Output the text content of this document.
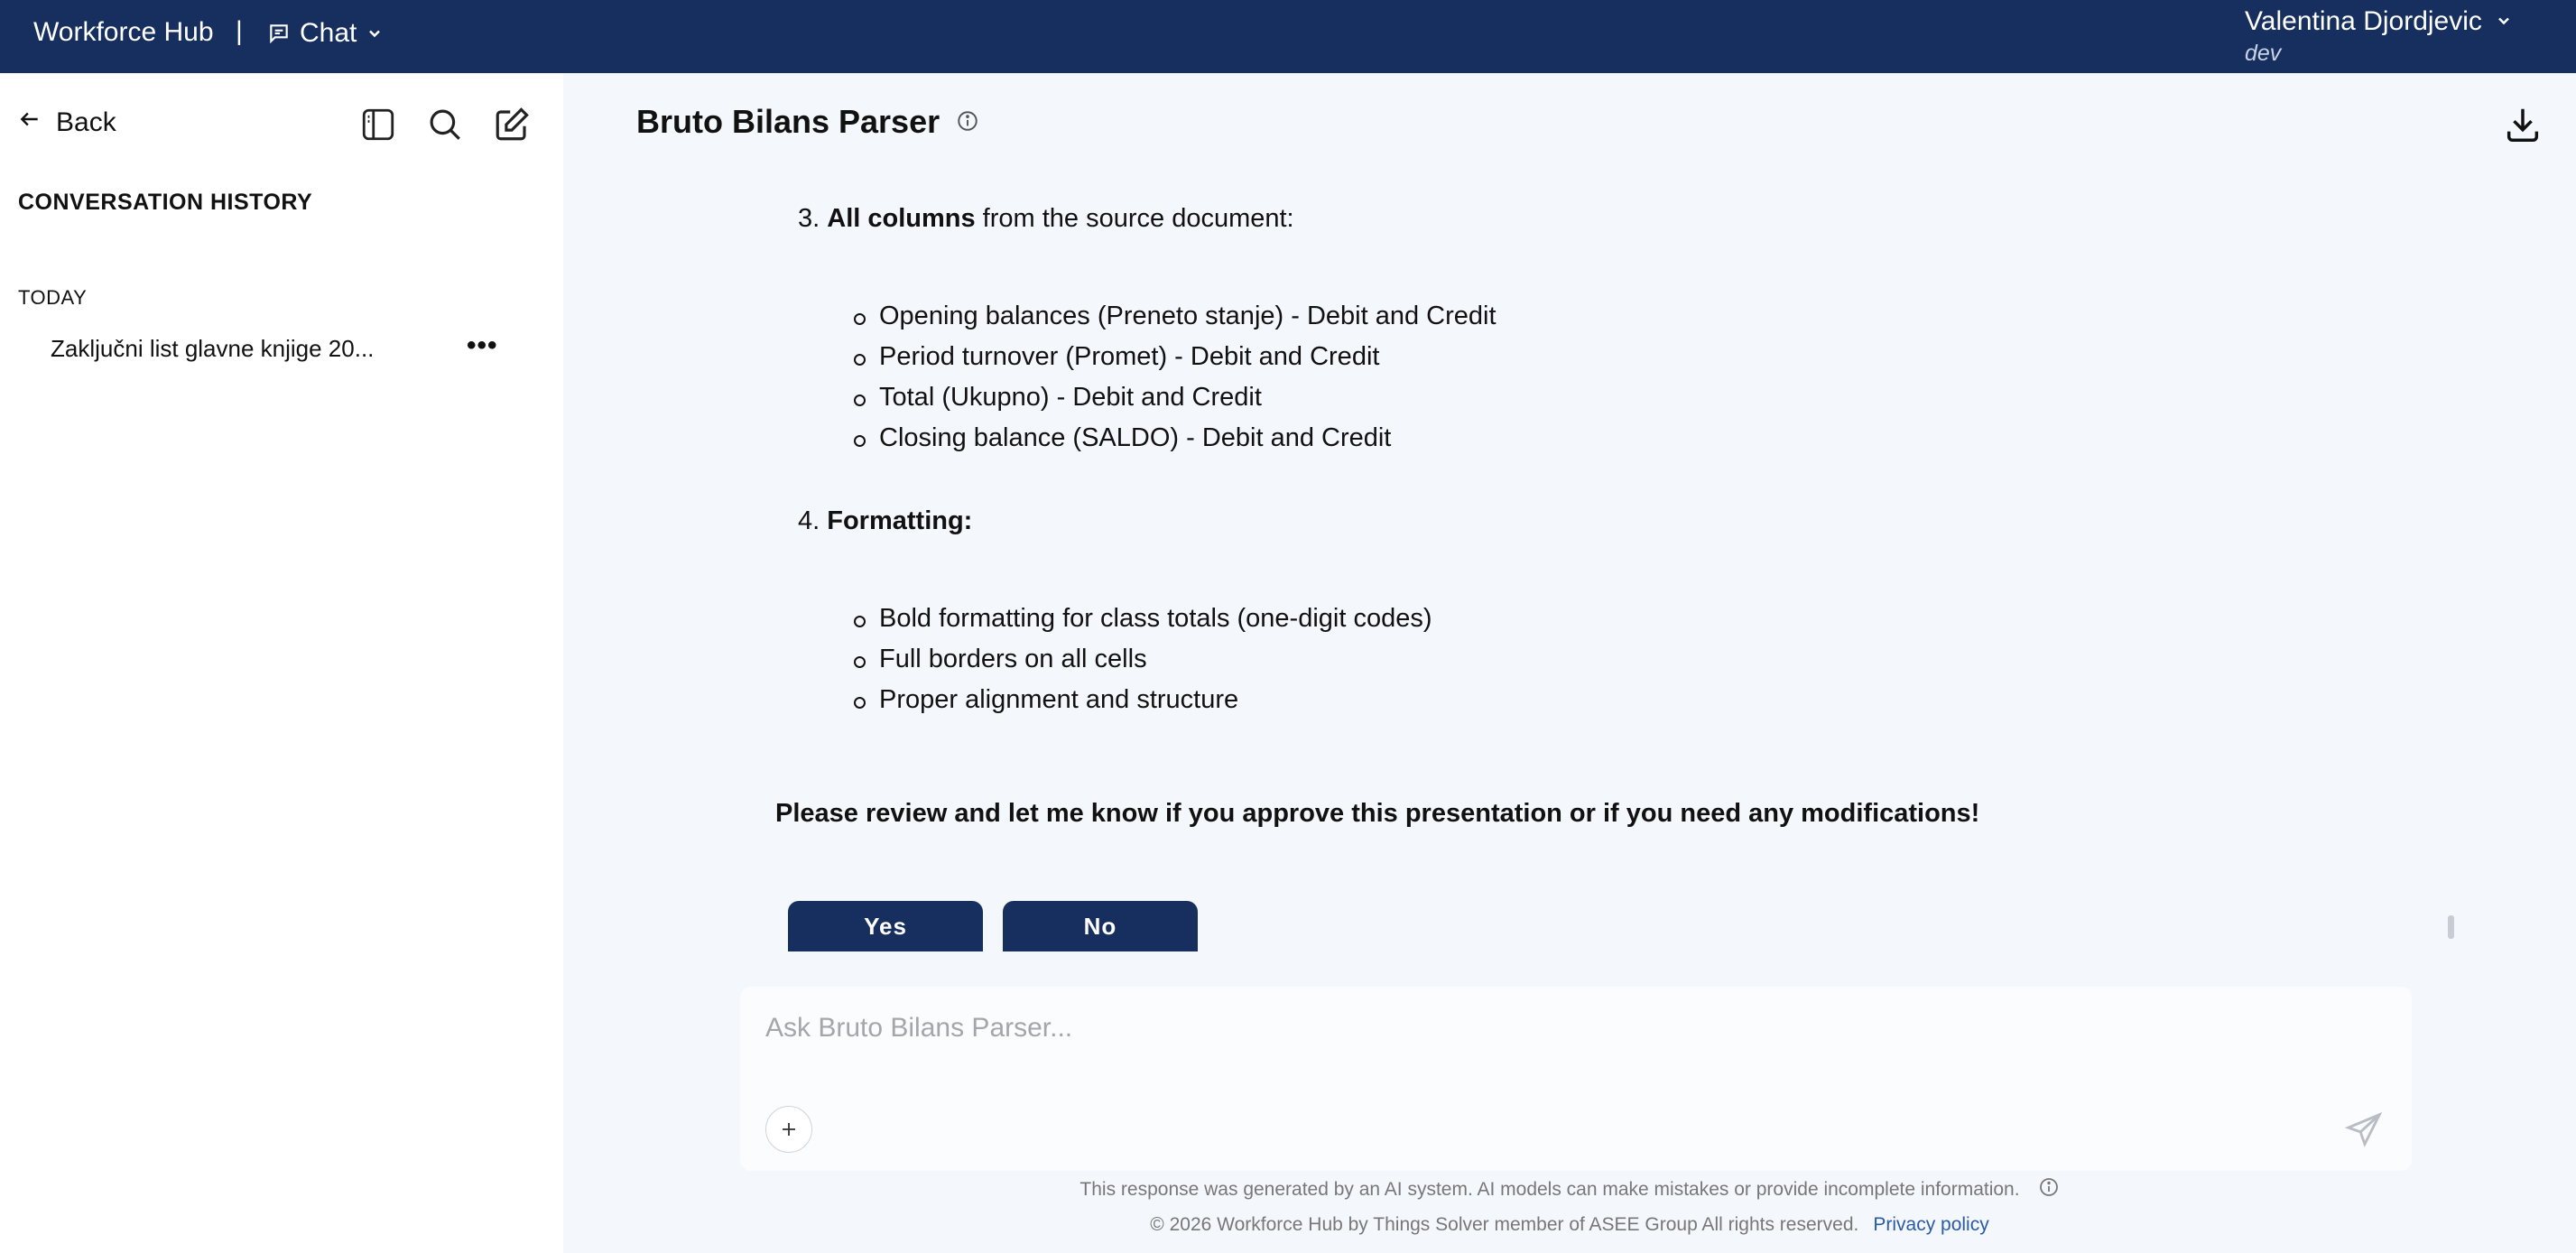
Workforce Hub | Chat	Valentina Djordjevic
dev
Back
CONVERSATION HISTORY
TODAY
Zaključni list glavne knjige 20...	•••
Bruto Bilans Parser
3. All columns from the source document:
Opening balances (Preneto stanje) - Debit and Credit
Period turnover (Promet) - Debit and Credit
Total (Ukupno) - Debit and Credit
Closing balance (SALDO) - Debit and Credit
4. Formatting:
Bold formatting for class totals (one-digit codes)
Full borders on all cells
Proper alignment and structure
Please review and let me know if you approve this presentation or if you need any modifications!
Yes	No
Ask Bruto Bilans Parser...
This response was generated by an AI system. AI models can make mistakes or provide incomplete information.
© 2026 Workforce Hub by Things Solver member of ASEE Group All rights reserved. Privacy policy
